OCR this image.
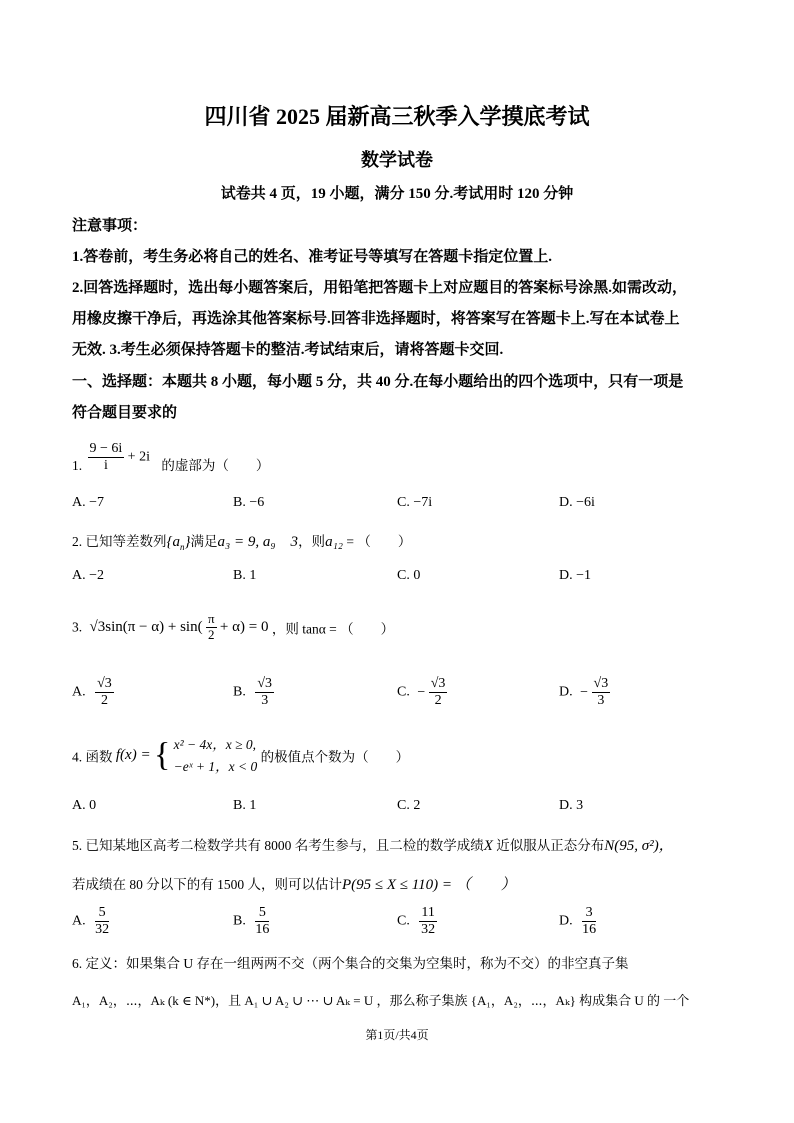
四川省 2025 届新高三秋季入学摸底考试
数学试卷
试卷共 4 页，19 小题，满分 150 分.考试用时 120 分钟
注意事项：
1.答卷前，考生务必将自己的姓名、准考证号等填写在答题卡指定位置上.
2.回答选择题时，选出每小题答案后，用铅笔把答题卡上对应题目的答案标号涂黑.如需改动，
用橡皮擦干净后，再选涂其他答案标号.回答非选择题时，将答案写在答题卡上.写在本试卷上
无效. 3.考生必须保持答题卡的整洁.考试结束后，请将答题卡交回.
一、选择题：本题共 8 小题，每小题 5 分，共 40 分.在每小题给出的四个选项中，只有一项是
符合题目要求的
1. $\frac{9 - 6i}{i} + 2i$ 的虚部为（　　）
A. −7	B. −6	C. −7i	D. −6i
2. 已知等差数列$\{a_n\}$满足a₃ = 9, a₉　3，则a₁₂ = （　　）
A. −2	B. 1	C. 0	D. −1
3. $√3\sin(\pi - \alpha) + \sin( \frac{\pi}{2} + \alpha) = 0$ ，则 tanα = （　　）
A. $\frac{√3}{2}$	B. $\frac{√3}{3}$	C. − $\frac{√3}{2}$	D. − $\frac{√3}{3}$
4. 函数 f(x) = { x² − 4x，x ≥ 0,
−eˣ + 1，x < 0
的极值点个数为（　　）
A. 0	B. 1	C. 2	D. 3
5. 已知某地区高考二检数学共有 8000 名考生参与，且二检的数学成绩X 近似服从正态分布N(95, σ²)，
若成绩在 80 分以下的有 1500 人，则可以估计P(95 ≤ X ≤ 110) = （　　）
A. $\frac{5}{32}$	B. $\frac{5}{16}$	C. $\frac{11}{32}$	D. $\frac{3}{16}$
6. 定义：如果集合 U 存在一组两两不交（两个集合的交集为空集时，称为不交）的非空真子集
A₁，A₂，⋯，Aₖ (k ∈ N*)，且 A₁ ∪ A₂ ∪ ⋯ ∪ Aₖ = U ，那么称子集族 {A₁，A₂，⋯，Aₖ} 构成集合 U 的 一个
第1页/共4页
